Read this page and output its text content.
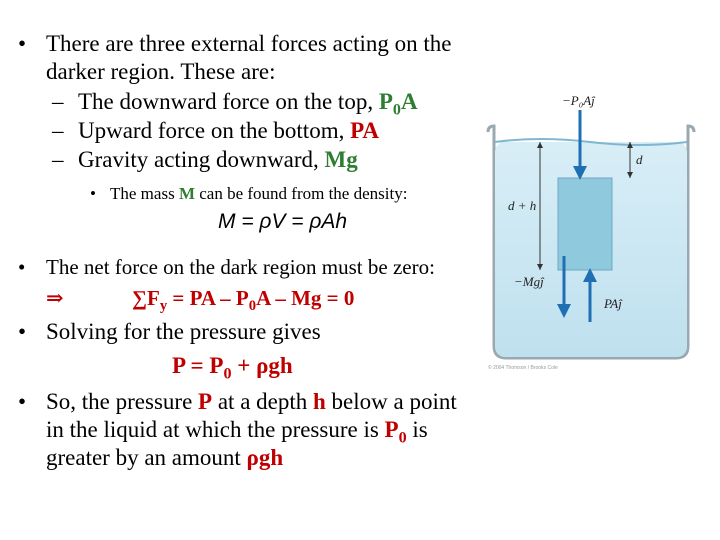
• There are three external forces acting on the
darker region. These are:
– The downward force on the top, $P_0A$
– Upward force on the bottom, PA
– Gravity acting downward, Mg
• The mass M can be found from the density:
M = ρV = ρAh
• The net force on the dark region must be zero:
⇒	$\sum F_y$ = PA – $P_0A - Mg = 0$
• Solving for the pressure gives
$P = P_0 + \rho gh$
• So, the pressure P at a depth h below a point
in the liquid at which the pressure is $P_0$ is
greater by an amount ρgh
−P₀Aĵ
d
d + h
−Mgĵ
PAĵ
© 2004 Thomson / Brooks Cole
